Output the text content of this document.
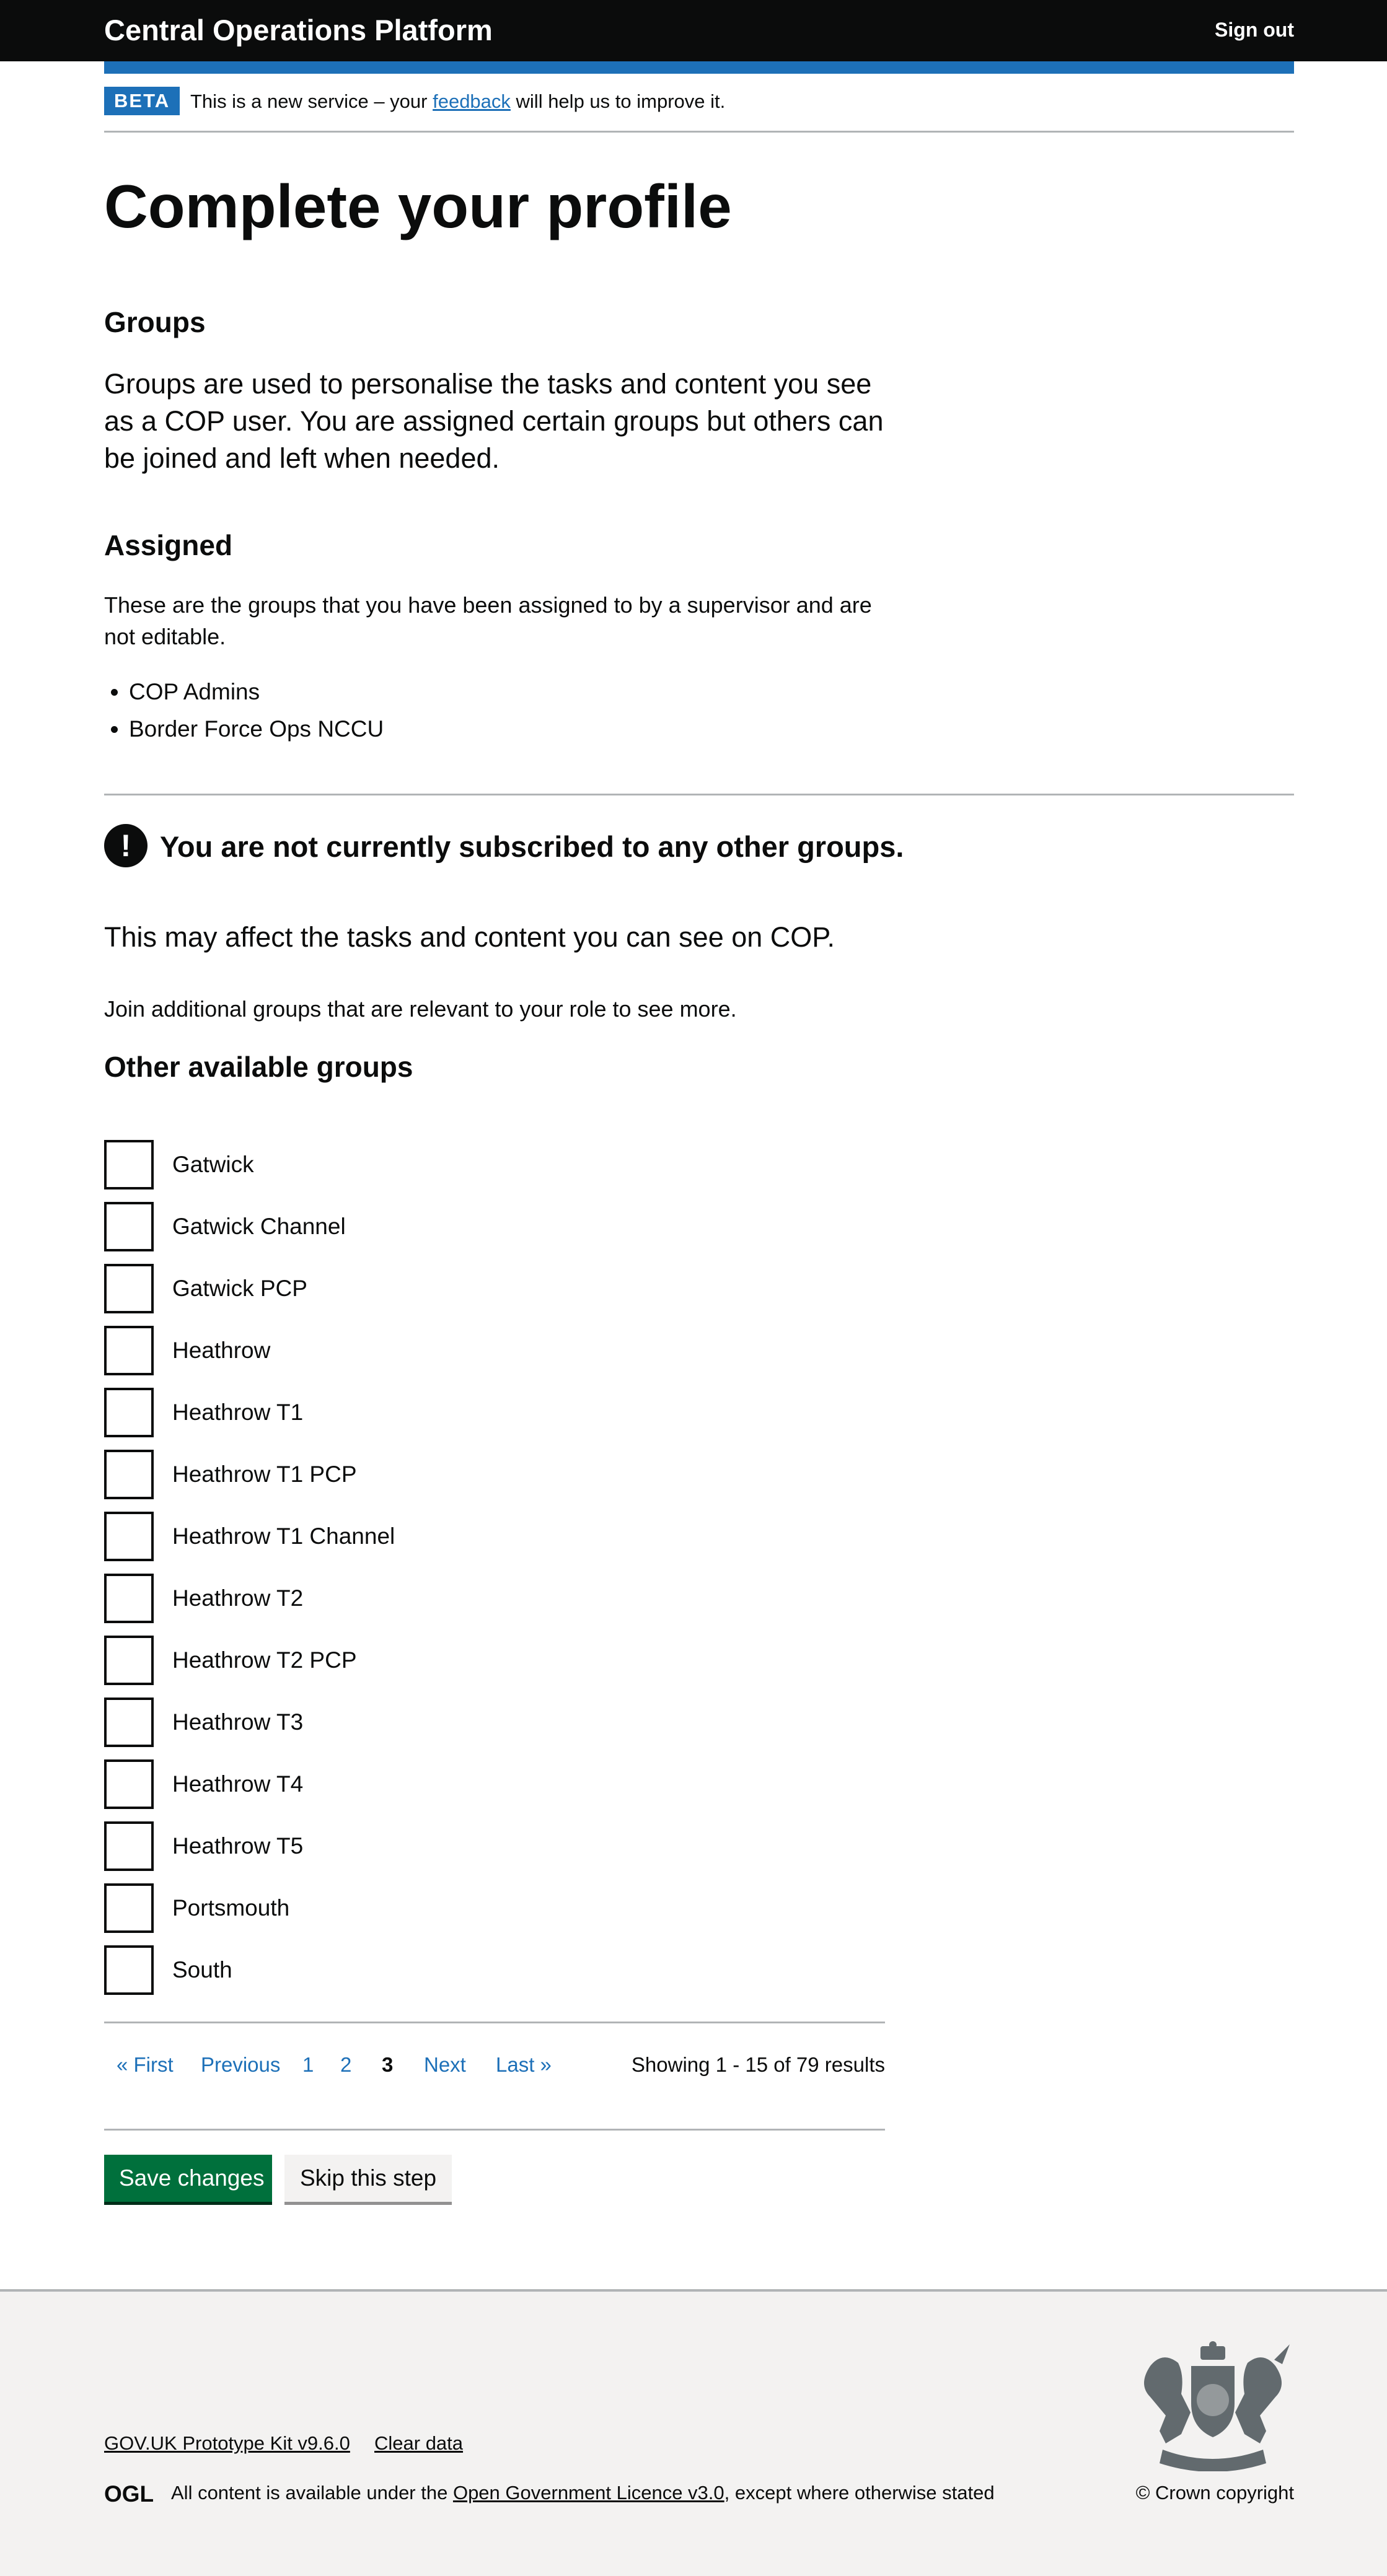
Central Operations Platform	Sign out
BETA	This is a new service – your feedback will help us to improve it.
Complete your profile
Groups

Groups are used to personalise the tasks and content you see as a COP user. You are assigned certain groups but others can be joined and left when needed.

Assigned

These are the groups that you have been assigned to by a supervisor and are not editable.

• COP Admins
• Border Force Ops NCCU
! You are not currently subscribed to any other groups.

This may affect the tasks and content you can see on COP.

Join additional groups that are relevant to your role to see more.

Other available groups
Gatwick
Gatwick Channel
Gatwick PCP
Heathrow
Heathrow T1
Heathrow T1 PCP
Heathrow T1 Channel
Heathrow T2
Heathrow T2 PCP
Heathrow T3
Heathrow T4
Heathrow T5
Portsmouth
South
« First Previous 1 2 3 Next Last »	Showing 1 - 15 of 79 results
Save changes	Skip this step
GOV.UK Prototype Kit v9.6.0 Clear data
OGL All content is available under the Open Government Licence v3.0, except where otherwise stated	© Crown copyright
